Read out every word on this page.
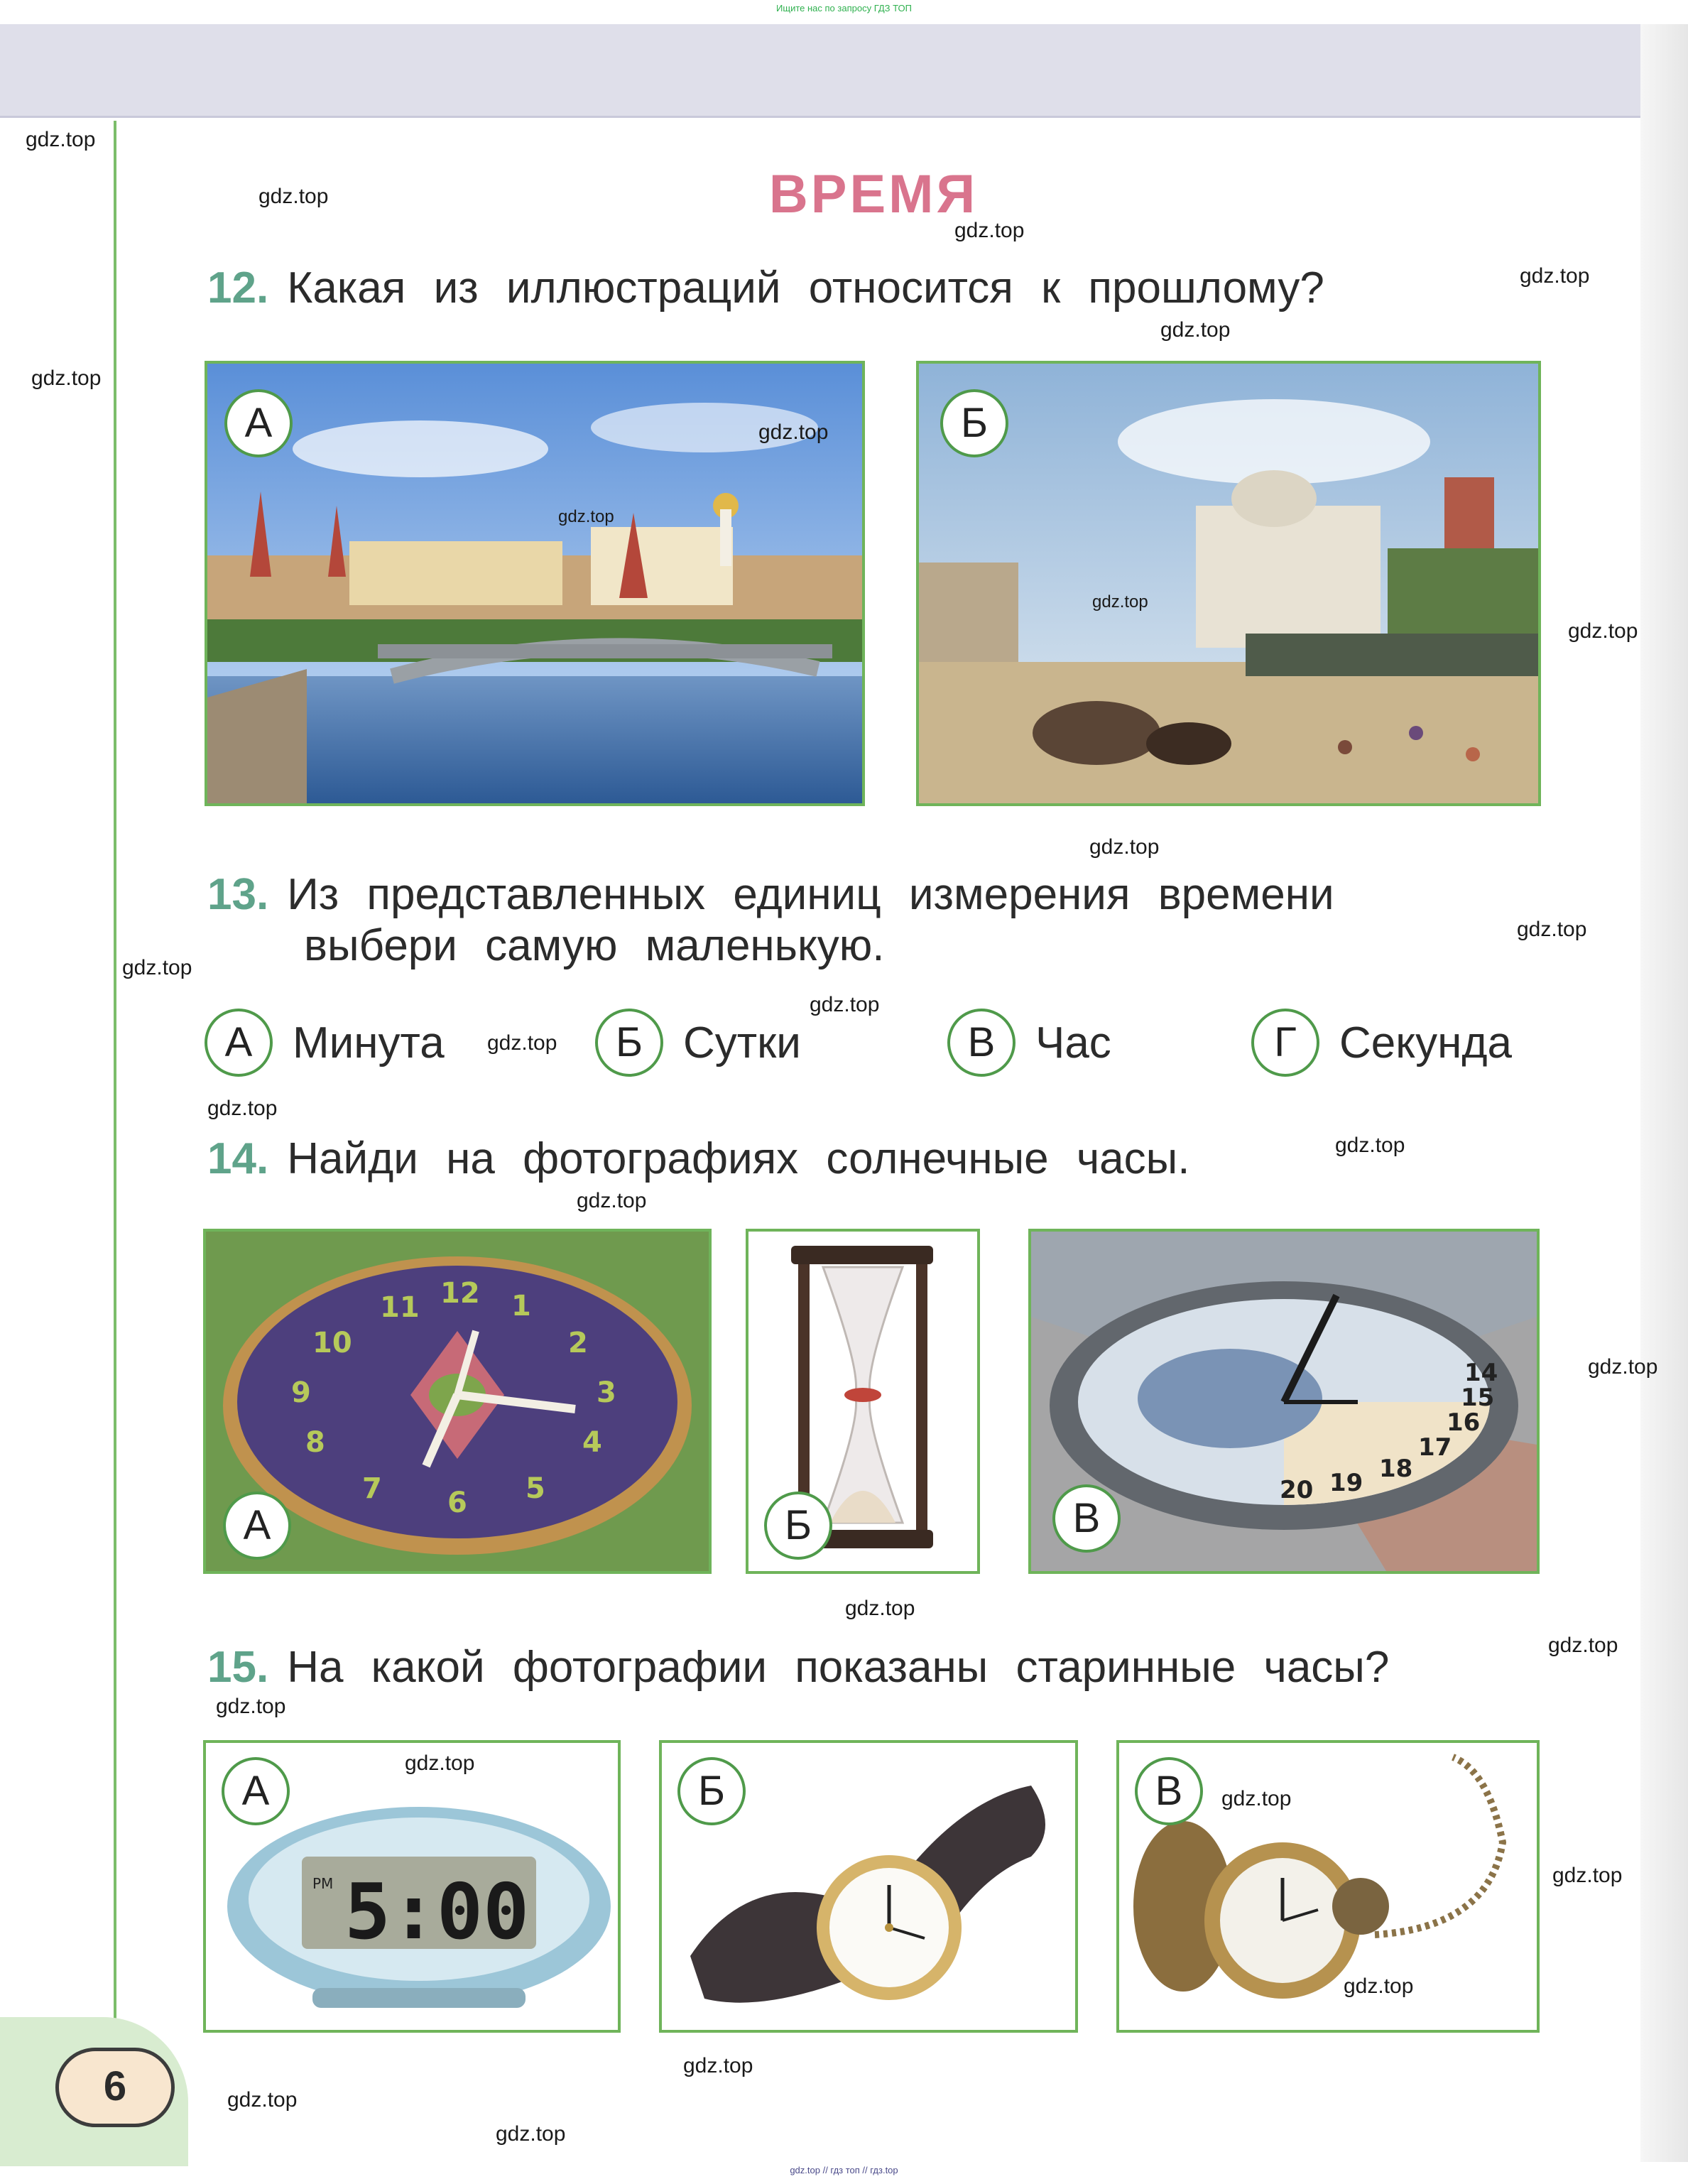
Ищите нас по запросу ГДЗ ТОП
6
gdz.top // гдз топ // гдз.top
ВРЕМЯ
12. Какая из иллюстраций относится к прошлому?
А	Б
13. Из представленных единиц измерения времени
выбери самую маленькую.
А Минута	Б Сутки	В Час	Г Секунда
14. Найди на фотографиях солнечные часы.
11 12 1
10	2
9	3
8	4
7 6 5
А	Б
20 19 18
17
16
15
14
В
15. На какой фотографии показаны старинные часы?
PM 5:00
А	Б	В
gdz.top
gdz.top
gdz.top
gdz.top
gdz.top
gdz.top
gdz.top
gdz.top
gdz.top
gdz.top
gdz.top
gdz.top
gdz.top
gdz.top
gdz.top
gdz.top
gdz.top
gdz.top
gdz.top
gdz.top
gdz.top
gdz.top
gdz.top
gdz.top
gdz.top
gdz.top
gdz.top
gdz.top
gdz.top
